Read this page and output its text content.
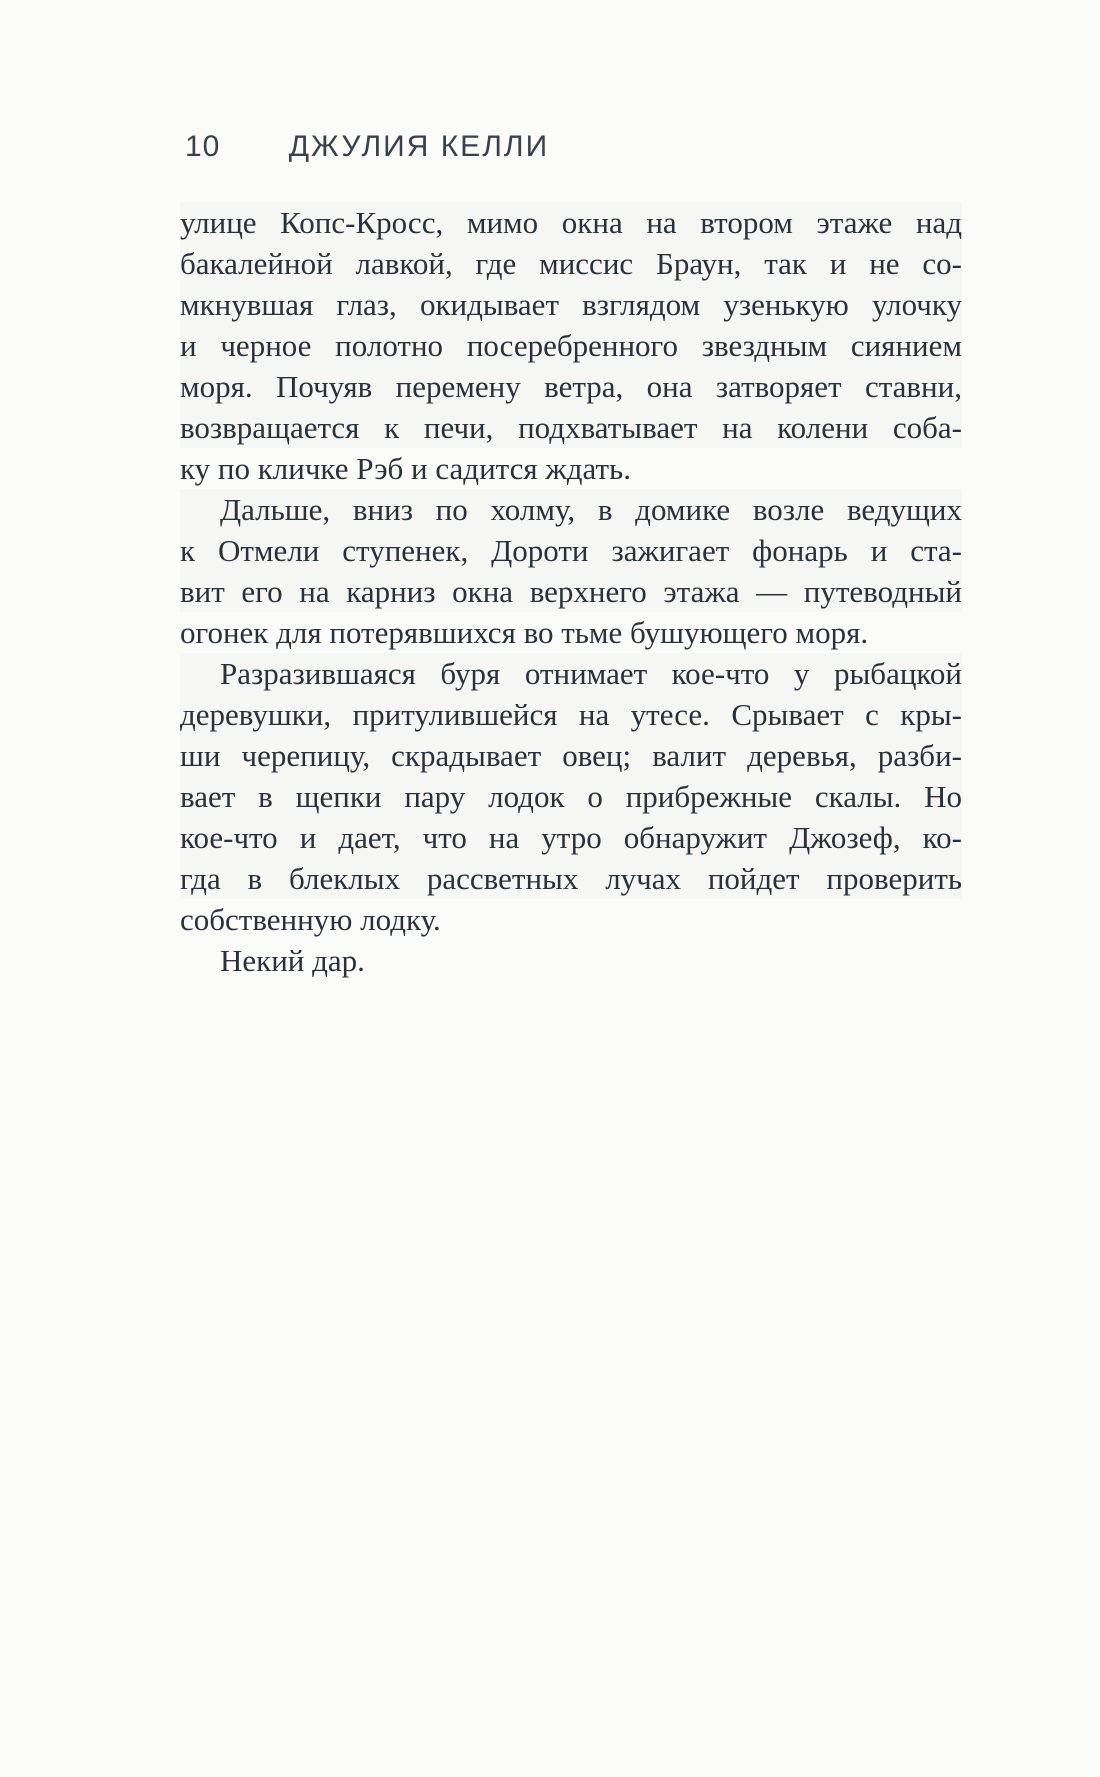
10 ДЖУЛИЯ КЕЛЛИ
улице Копс-Кросс, мимо окна на втором этаже над
бакалейной лавкой, где миссис Браун, так и не со-
мкнувшая глаз, окидывает взглядом узенькую улочку
и черное полотно посеребренного звездным сиянием
моря. Почуяв перемену ветра, она затворяет ставни,
возвращается к печи, подхватывает на колени соба-
ку по кличке Рэб и садится ждать.
Дальше, вниз по холму, в домике возле ведущих
к Отмели ступенек, Дороти зажигает фонарь и ста-
вит его на карниз окна верхнего этажа — путеводный
огонек для потерявшихся во тьме бушующего моря.
Разразившаяся буря отнимает кое-что у рыбацкой
деревушки, притулившейся на утесе. Срывает с кры-
ши черепицу, скрадывает овец; валит деревья, разби-
вает в щепки пару лодок о прибрежные скалы. Но
кое-что и дает, что на утро обнаружит Джозеф, ко-
гда в блеклых рассветных лучах пойдет проверить
собственную лодку.
Некий дар.
